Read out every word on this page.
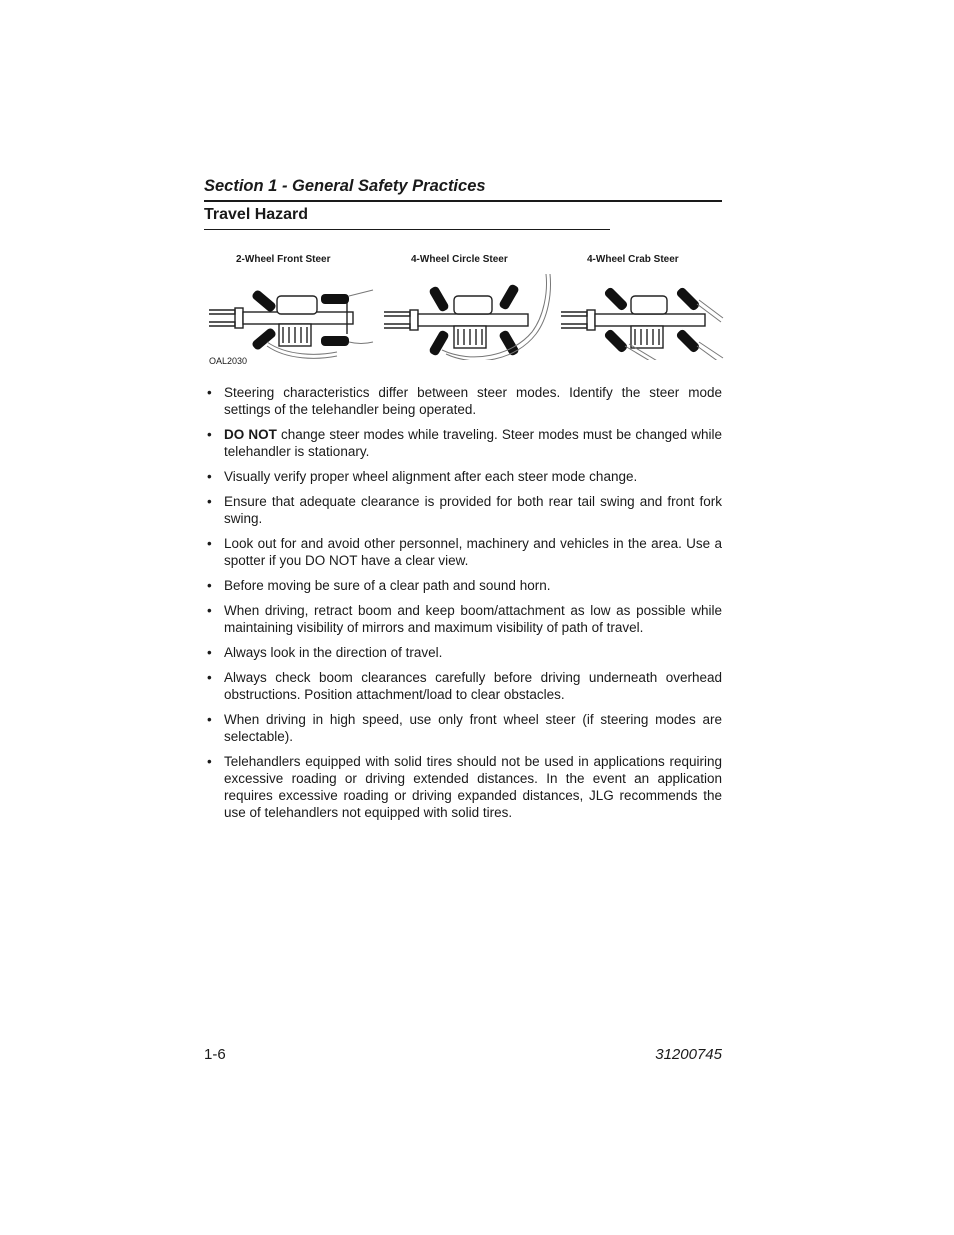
Section 1 - General Safety Practices
Travel Hazard
2-Wheel Front Steer	4-Wheel Circle Steer	4-Wheel Crab Steer
OAL2030
• Steering characteristics differ between steer modes. Identify the steer mode settings of the telehandler being operated.
• DO NOT change steer modes while traveling. Steer modes must be changed while telehandler is stationary.
• Visually verify proper wheel alignment after each steer mode change.
• Ensure that adequate clearance is provided for both rear tail swing and front fork swing.
• Look out for and avoid other personnel, machinery and vehicles in the area. Use a spotter if you DO NOT have a clear view.
• Before moving be sure of a clear path and sound horn.
• When driving, retract boom and keep boom/attachment as low as possible while maintaining visibility of mirrors and maximum visibility of path of travel.
• Always look in the direction of travel.
• Always check boom clearances carefully before driving underneath overhead obstructions. Position attachment/load to clear obstacles.
• When driving in high speed, use only front wheel steer (if steering modes are selectable).
• Telehandlers equipped with solid tires should not be used in applications requiring excessive roading or driving extended distances. In the event an application requires excessive roading or driving expanded distances, JLG recommends the use of telehandlers not equipped with solid tires.
1-6	31200745
